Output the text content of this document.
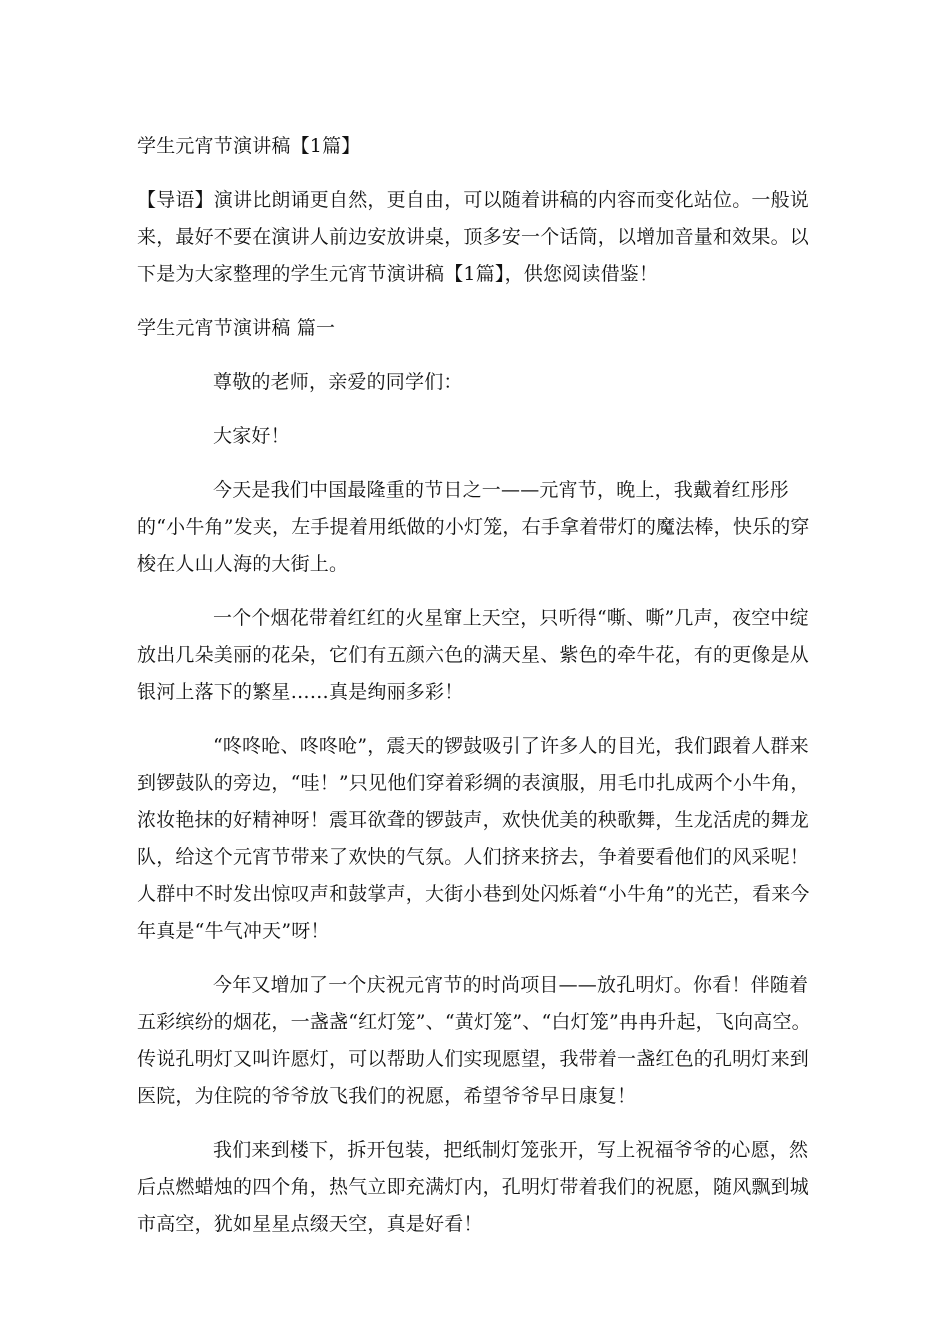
学生元宵节演讲稿【1篇】

【导语】演讲比朗诵更自然，更自由，可以随着讲稿的内容而变化站位。一般说来，最好不要在演讲人前边安放讲桌，顶多安一个话筒，以增加音量和效果。以下是为大家整理的学生元宵节演讲稿【1篇】，供您阅读借鉴！

学生元宵节演讲稿 篇一

尊敬的老师，亲爱的同学们：

大家好！

今天是我们中国最隆重的节日之一——元宵节，晚上，我戴着红彤彤的“小牛角”发夹，左手提着用纸做的小灯笼，右手拿着带灯的魔法棒，快乐的穿梭在人山人海的大街上。

一个个烟花带着红红的火星窜上天空，只听得“嘶、嘶”几声，夜空中绽放出几朵美丽的花朵，它们有五颜六色的满天星、紫色的牵牛花，有的更像是从银河上落下的繁星……真是绚丽多彩！

“咚咚呛、咚咚呛”，震天的锣鼓吸引了许多人的目光，我们跟着人群来到锣鼓队的旁边，“哇！”只见他们穿着彩绸的表演服，用毛巾扎成两个小牛角，浓妆艳抹的好精神呀！震耳欲聋的锣鼓声，欢快优美的秧歌舞，生龙活虎的舞龙队，给这个元宵节带来了欢快的气氛。人们挤来挤去，争着要看他们的风采呢！人群中不时发出惊叹声和鼓掌声，大街小巷到处闪烁着“小牛角”的光芒，看来今年真是“牛气冲天”呀！

今年又增加了一个庆祝元宵节的时尚项目——放孔明灯。你看！伴随着五彩缤纷的烟花，一盏盏“红灯笼”、“黄灯笼”、“白灯笼”冉冉升起，飞向高空。传说孔明灯又叫许愿灯，可以帮助人们实现愿望，我带着一盏红色的孔明灯来到医院，为住院的爷爷放飞我们的祝愿，希望爷爷早日康复！

我们来到楼下，拆开包装，把纸制灯笼张开，写上祝福爷爷的心愿，然后点燃蜡烛的四个角，热气立即充满灯内，孔明灯带着我们的祝愿，随风飘到城市高空，犹如星星点缀天空，真是好看！
